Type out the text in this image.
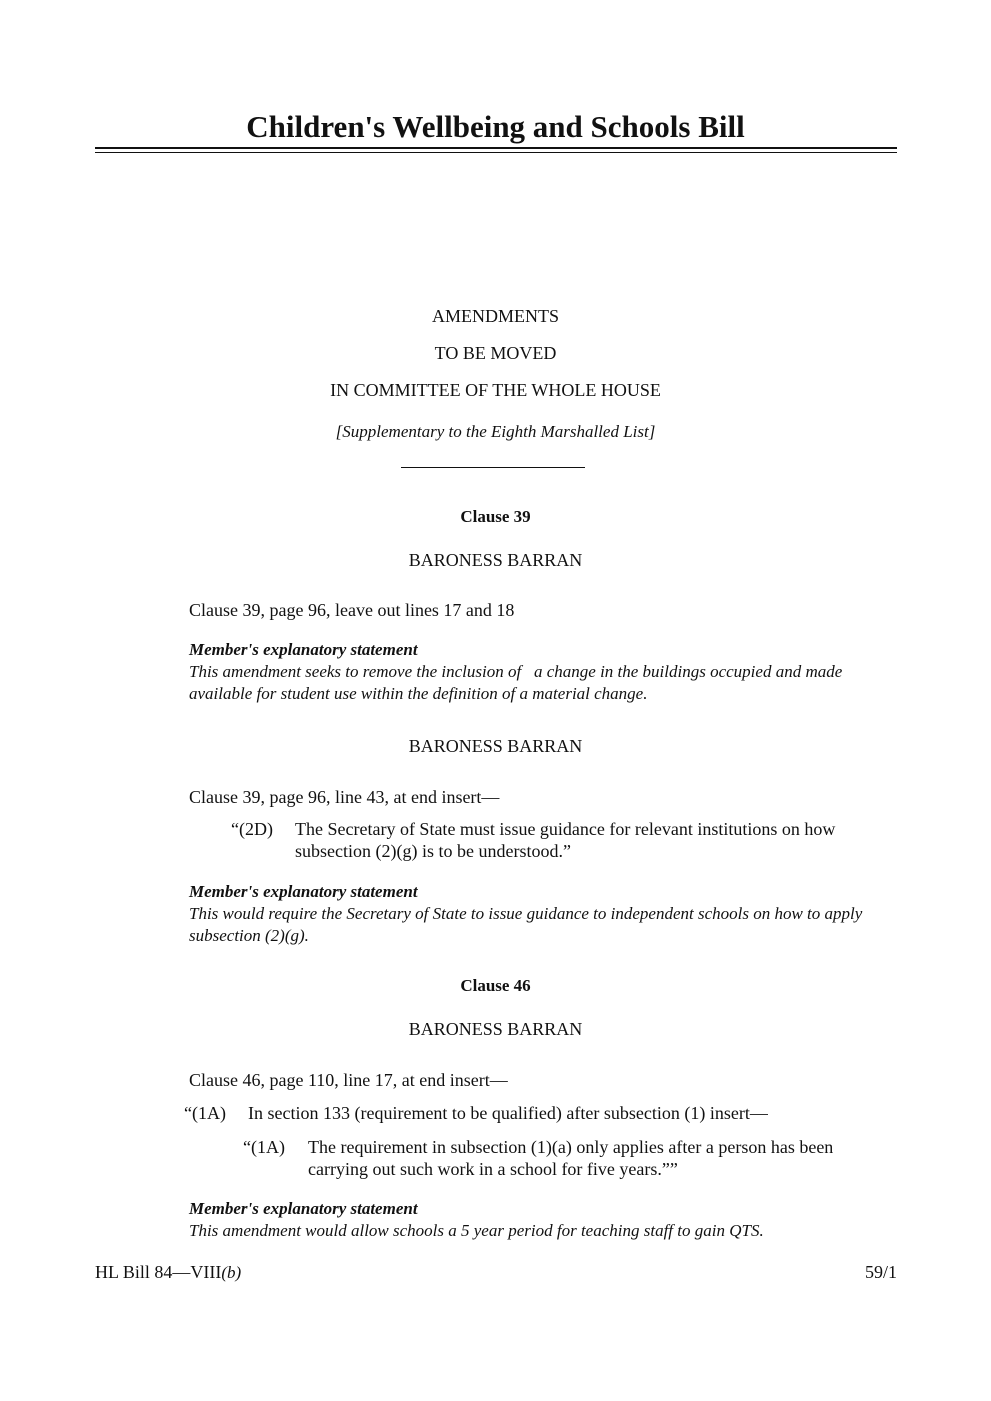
Children's Wellbeing and Schools Bill
AMENDMENTS
TO BE MOVED
IN COMMITTEE OF THE WHOLE HOUSE
[Supplementary to the Eighth Marshalled List]
Clause 39
BARONESS BARRAN
Clause 39, page 96, leave out lines 17 and 18
Member's explanatory statement
This amendment seeks to remove the inclusion of   a change in the buildings occupied and made
available for student use within the definition of a material change.
BARONESS BARRAN
Clause 39, page 96, line 43, at end insert—
“(2D) The Secretary of State must issue guidance for relevant institutions on how
subsection (2)(g) is to be understood.”
Member's explanatory statement
This would require the Secretary of State to issue guidance to independent schools on how to apply
subsection (2)(g).
Clause 46
BARONESS BARRAN
Clause 46, page 110, line 17, at end insert—
“(1A) In section 133 (requirement to be qualified) after subsection (1) insert—
“(1A) The requirement in subsection (1)(a) only applies after a person has been
carrying out such work in a school for five years.””
Member's explanatory statement
This amendment would allow schools a 5 year period for teaching staff to gain QTS.
HL Bill 84—VIII(b)	59/1
